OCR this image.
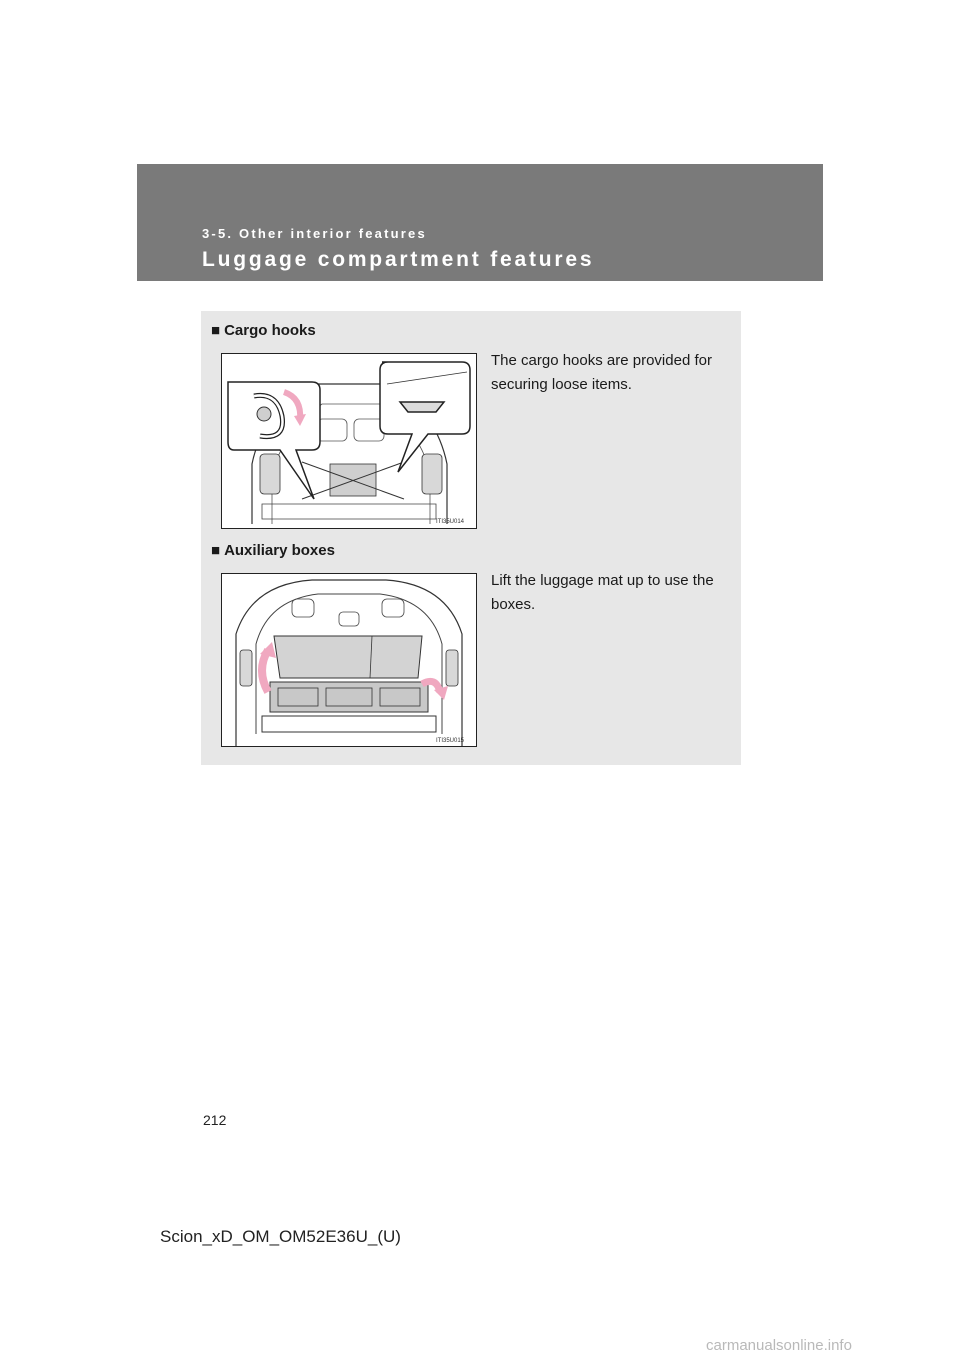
3-5. Other interior features
Luggage compartment features
■ Cargo hooks
The cargo hooks are provided for securing loose items.
ITI35U014
■ Auxiliary boxes
Lift the luggage mat up to use the boxes.
ITI35U015
212
Scion_xD_OM_OM52E36U_(U)
carmanualsonline.info
